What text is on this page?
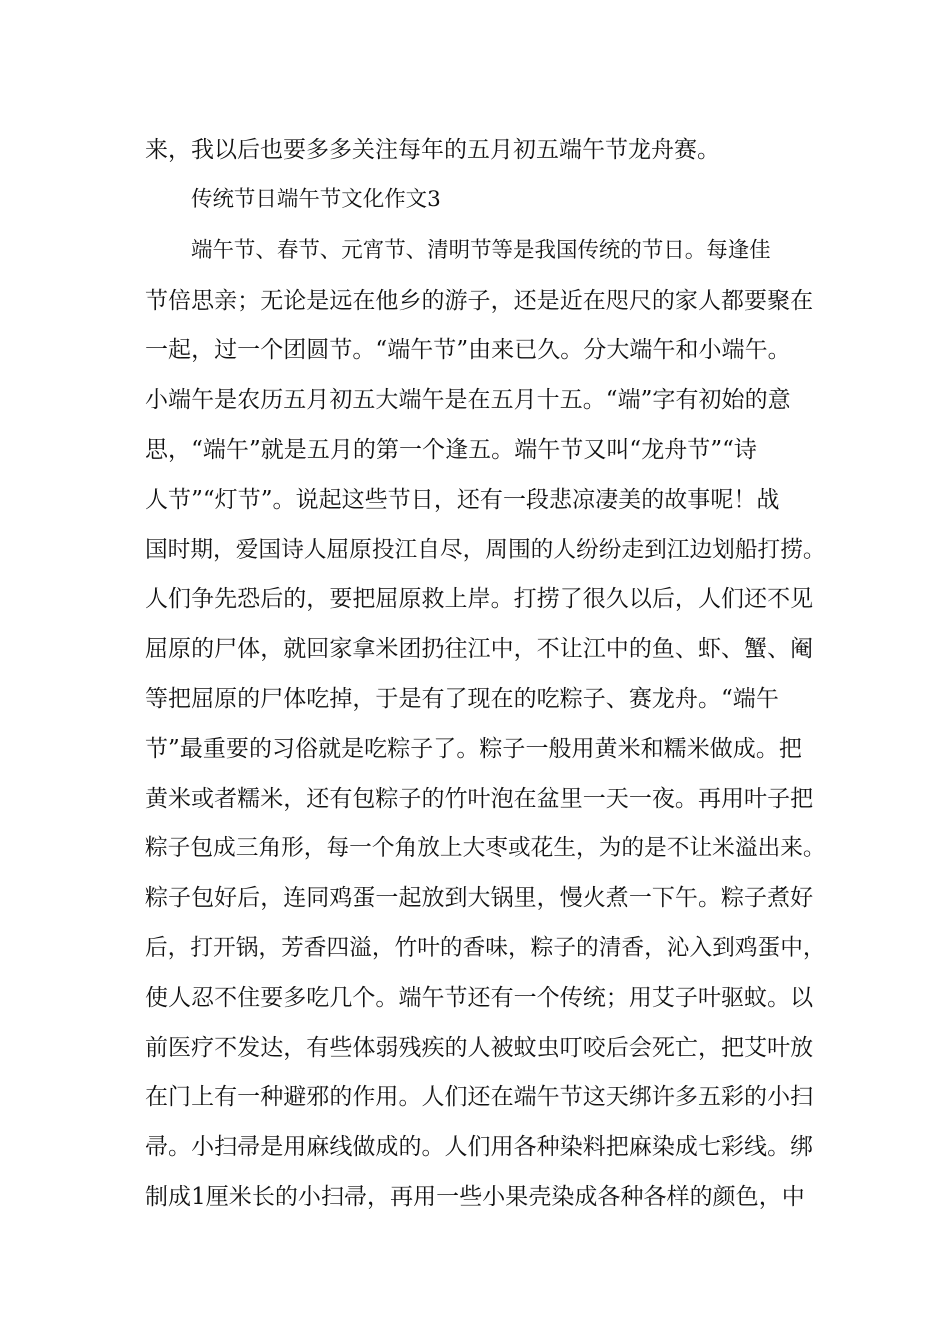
来，我以后也要多多关注每年的五月初五端午节龙舟赛。
传统节日端午节文化作文3
端午节、春节、元宵节、清明节等是我国传统的节日。每逢佳
节倍思亲；无论是远在他乡的游子，还是近在咫尺的家人都要聚在
一起，过一个团圆节。“端午节”由来已久。分大端午和小端午。
小端午是农历五月初五大端午是在五月十五。“端”字有初始的意
思，“端午”就是五月的第一个逢五。端午节又叫“龙舟节”“诗
人节”“灯节”。说起这些节日，还有一段悲凉凄美的故事呢！战
国时期，爱国诗人屈原投江自尽，周围的人纷纷走到江边划船打捞。
人们争先恐后的，要把屈原救上岸。打捞了很久以后，人们还不见
屈原的尸体，就回家拿米团扔往江中，不让江中的鱼、虾、蟹、阉
等把屈原的尸体吃掉，于是有了现在的吃粽子、赛龙舟。“端午
节”最重要的习俗就是吃粽子了。粽子一般用黄米和糯米做成。把
黄米或者糯米，还有包粽子的竹叶泡在盆里一天一夜。再用叶子把
粽子包成三角形，每一个角放上大枣或花生，为的是不让米溢出来。
粽子包好后，连同鸡蛋一起放到大锅里，慢火煮一下午。粽子煮好
后，打开锅，芳香四溢，竹叶的香味，粽子的清香，沁入到鸡蛋中，
使人忍不住要多吃几个。端午节还有一个传统；用艾子叶驱蚊。以
前医疗不发达，有些体弱残疾的人被蚊虫叮咬后会死亡，把艾叶放
在门上有一种避邪的作用。人们还在端午节这天绑许多五彩的小扫
帚。小扫帚是用麻线做成的。人们用各种染料把麻染成七彩线。绑
制成1厘米长的小扫帚，再用一些小果壳染成各种各样的颜色，中
